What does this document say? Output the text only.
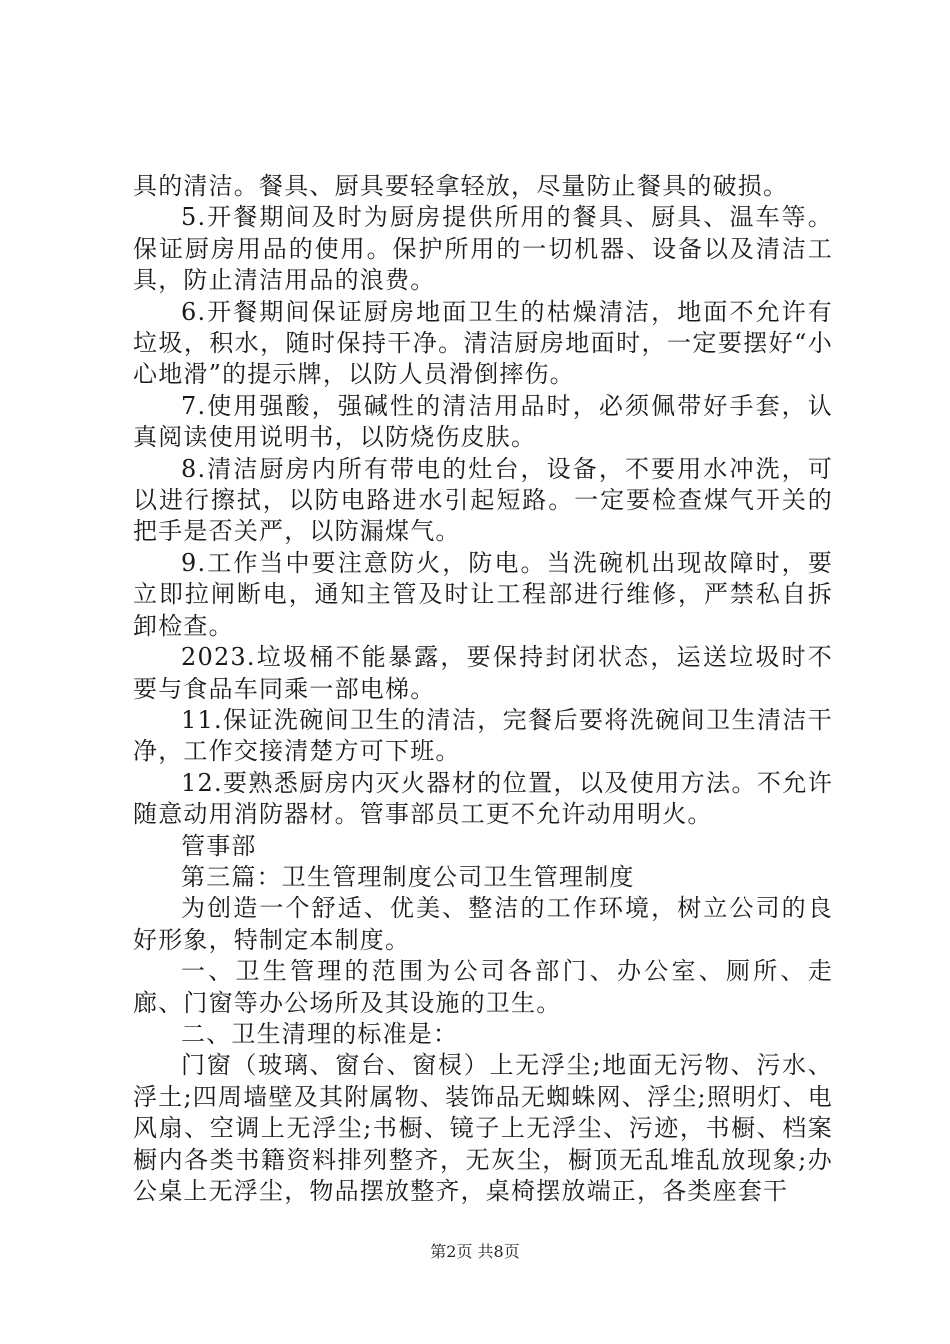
具的清洁。餐具、厨具要轻拿轻放，尽量防止餐具的破损。

5.开餐期间及时为厨房提供所用的餐具、厨具、温车等。保证厨房用品的使用。保护所用的一切机器、设备以及清洁工具，防止清洁用品的浪费。

6.开餐期间保证厨房地面卫生的枯燥清洁，地面不允许有垃圾，积水，随时保持干净。清洁厨房地面时，一定要摆好“小心地滑”的提示牌，以防人员滑倒摔伤。

7.使用强酸，强碱性的清洁用品时，必须佩带好手套，认真阅读使用说明书，以防烧伤皮肤。

8.清洁厨房内所有带电的灶台，设备，不要用水冲洗，可以进行擦拭，以防电路进水引起短路。一定要检查煤气开关的把手是否关严，以防漏煤气。

9.工作当中要注意防火，防电。当洗碗机出现故障时，要立即拉闸断电，通知主管及时让工程部进行维修，严禁私自拆卸检查。

2023.垃圾桶不能暴露，要保持封闭状态，运送垃圾时不要与食品车同乘一部电梯。

11.保证洗碗间卫生的清洁，完餐后要将洗碗间卫生清洁干净，工作交接清楚方可下班。

12.要熟悉厨房内灭火器材的位置，以及使用方法。不允许随意动用消防器材。管事部员工更不允许动用明火。

管事部

第三篇：卫生管理制度公司卫生管理制度

为创造一个舒适、优美、整洁的工作环境，树立公司的良好形象，特制定本制度。

一、卫生管理的范围为公司各部门、办公室、厕所、走廊、门窗等办公场所及其设施的卫生。

二、卫生清理的标准是：

门窗（玻璃、窗台、窗棂）上无浮尘;地面无污物、污水、浮土;四周墙壁及其附属物、装饰品无蜘蛛网、浮尘;照明灯、电风扇、空调上无浮尘;书橱、镜子上无浮尘、污迹，书橱、档案橱内各类书籍资料排列整齐，无灰尘，橱顶无乱堆乱放现象;办公桌上无浮尘，物品摆放整齐，桌椅摆放端正，各类座套干

第2页 共8页
